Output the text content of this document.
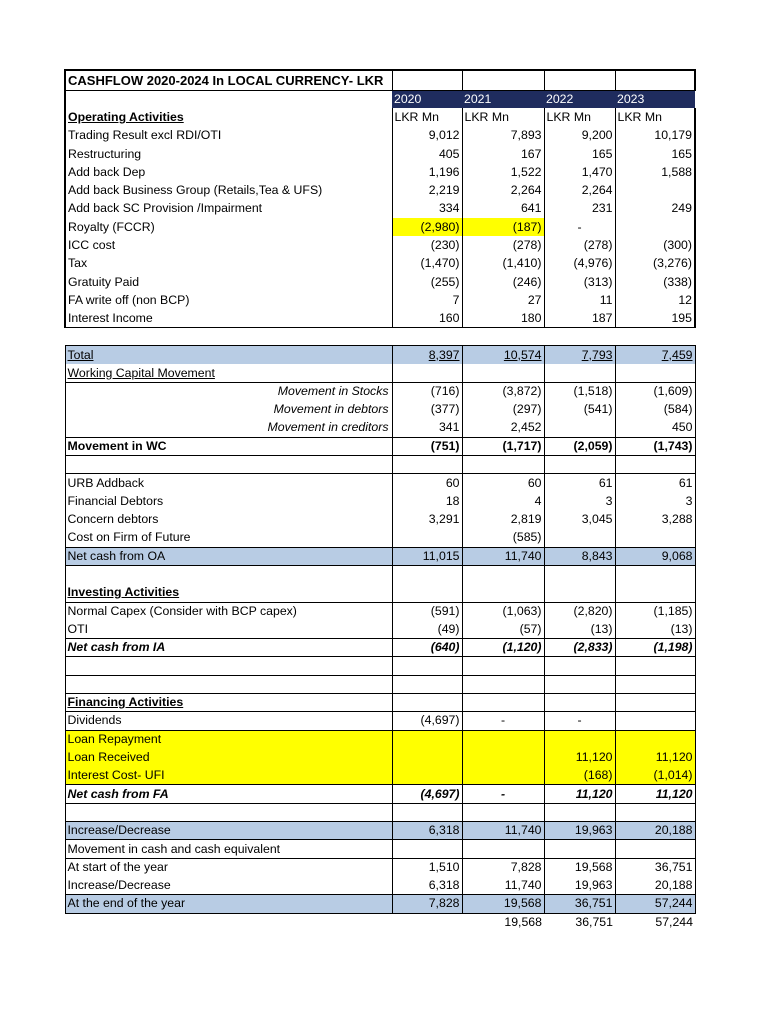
CASHFLOW 2020-2024 In LOCAL CURRENCY- LKR				
	2020	2021	2022	2023
Operating Activities	LKR Mn	LKR Mn	LKR Mn	LKR Mn
Trading Result excl RDI/OTI	9,012	7,893	9,200	10,179
Restructuring	405	167	165	165
Add back Dep	1,196	1,522	1,470	1,588
Add back Business Group (Retails,Tea & UFS)	2,219	2,264	2,264	
Add back SC Provision /Impairment	334	641	231	249
Royalty (FCCR)	(2,980)	(187)	-	
ICC cost	(230)	(278)	(278)	(300)
Tax	(1,470)	(1,410)	(4,976)	(3,276)
Gratuity Paid	(255)	(246)	(313)	(338)
FA write off (non BCP)	7	27	11	12
Interest Income	160	180	187	195

Total	8,397	10,574	7,793	7,459
Working Capital Movement				
Movement in Stocks	(716)	(3,872)	(1,518)	(1,609)
Movement in debtors	(377)	(297)	(541)	(584)
Movement in creditors	341	2,452		450
Movement in WC	(751)	(1,717)	(2,059)	(1,743)

URB Addback	60	60	61	61
Financial Debtors	18	4	3	3
Concern debtors	3,291	2,819	3,045	3,288
Cost on Firm of Future		(585)		
Net cash from OA	11,015	11,740	8,843	9,068

Investing Activities				
Normal Capex (Consider with BCP capex)	(591)	(1,063)	(2,820)	(1,185)
OTI	(49)	(57)	(13)	(13)
Net cash from IA	(640)	(1,120)	(2,833)	(1,198)

Financing Activities				
Dividends	(4,697)	-	-	
Loan Repayment				
Loan Received			11,120	11,120
Interest Cost- UFI			(168)	(1,014)
Net cash from FA	(4,697)	-	11,120	11,120

Increase/Decrease	6,318	11,740	19,963	20,188
Movement in cash and cash equivalent				
At start of the year	1,510	7,828	19,568	36,751
Increase/Decrease	6,318	11,740	19,963	20,188
At the end of the year	7,828	19,568	36,751	57,244
		19,568	36,751	57,244
